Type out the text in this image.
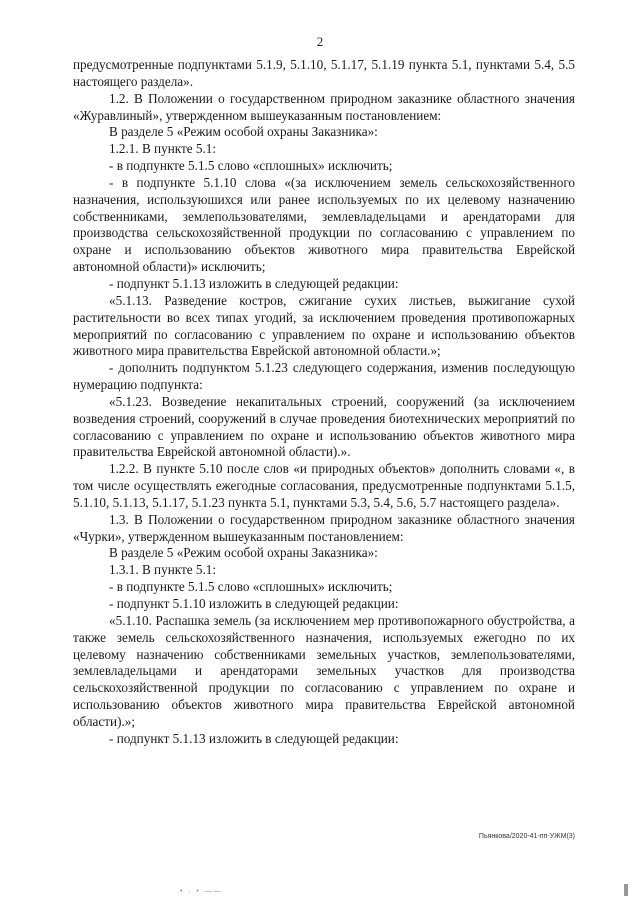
2

предусмотренные подпунктами 5.1.9, 5.1.10, 5.1.17, 5.1.19 пункта 5.1, пунктами 5.4, 5.5 настоящего раздела».

1.2. В Положении о государственном природном заказнике областного значения «Журавлиный», утвержденном вышеуказанным постановлением:

В разделе 5 «Режим особой охраны Заказника»:

1.2.1. В пункте 5.1:

- в подпункте 5.1.5 слово «сплошных» исключить;

- в подпункте 5.1.10 слова «(за исключением земель сельскохозяйственного назначения, используюшихся или ранее используемых по их целевому назначению собственниками, землепользователями, землевладельцами и арендаторами для производства сельскохозяйственной продукции по согласованию с управлением по охране и использованию объектов животного мира правительства Еврейской автономной области)» исключить;

- подпункт 5.1.13 изложить в следующей редакции:

«5.1.13. Разведение костров, сжигание сухих листьев, выжигание сухой растительности во всех типах угодий, за исключением проведения противопожарных мероприятий по согласованию с управлением по охране и использованию объектов животного мира правительства Еврейской автономной области.»;

- дополнить подпунктом 5.1.23 следующего содержания, изменив последующую нумерацию подпункта:

«5.1.23. Возведение некапитальных строений, сооружений (за исключением возведения строений, сооружений в случае проведения биотехнических мероприятий по согласованию с управлением по охране и использованию объектов животного мира правительства Еврейской автономной области).».

1.2.2. В пункте 5.10 после слов «и природных объектов» дополнить словами «, в том числе осуществлять ежегодные согласования, предусмотренные подпунктами 5.1.5, 5.1.10, 5.1.13, 5.1.17, 5.1.23 пункта 5.1, пунктами 5.3, 5.4, 5.6, 5.7 настоящего раздела».

1.3. В Положении о государственном природном заказнике областного значения «Чурки», утвержденном вышеуказанным постановлением:

В разделе 5 «Режим особой охраны Заказника»:

1.3.1. В пункте 5.1:

- в подпункте 5.1.5 слово «сплошных» исключить;

- подпункт 5.1.10 изложить в следующей редакции:

«5.1.10. Распашка земель (за исключением мер противопожарного обустройства, а также земель сельскохозяйственного назначения, используемых ежегодно по их целевому назначению собственниками земельных участков, землепользователями, землевладельцами и арендаторами земельных участков для производства сельскохозяйственной продукции по согласованию с управлением по охране и использованию объектов животного мира правительства Еврейской автономной области).»;

- подпункт 5.1.13 изложить в следующей редакции:

Пьянкова/2020-41-пп-УЖМ(3)
• . • ——
